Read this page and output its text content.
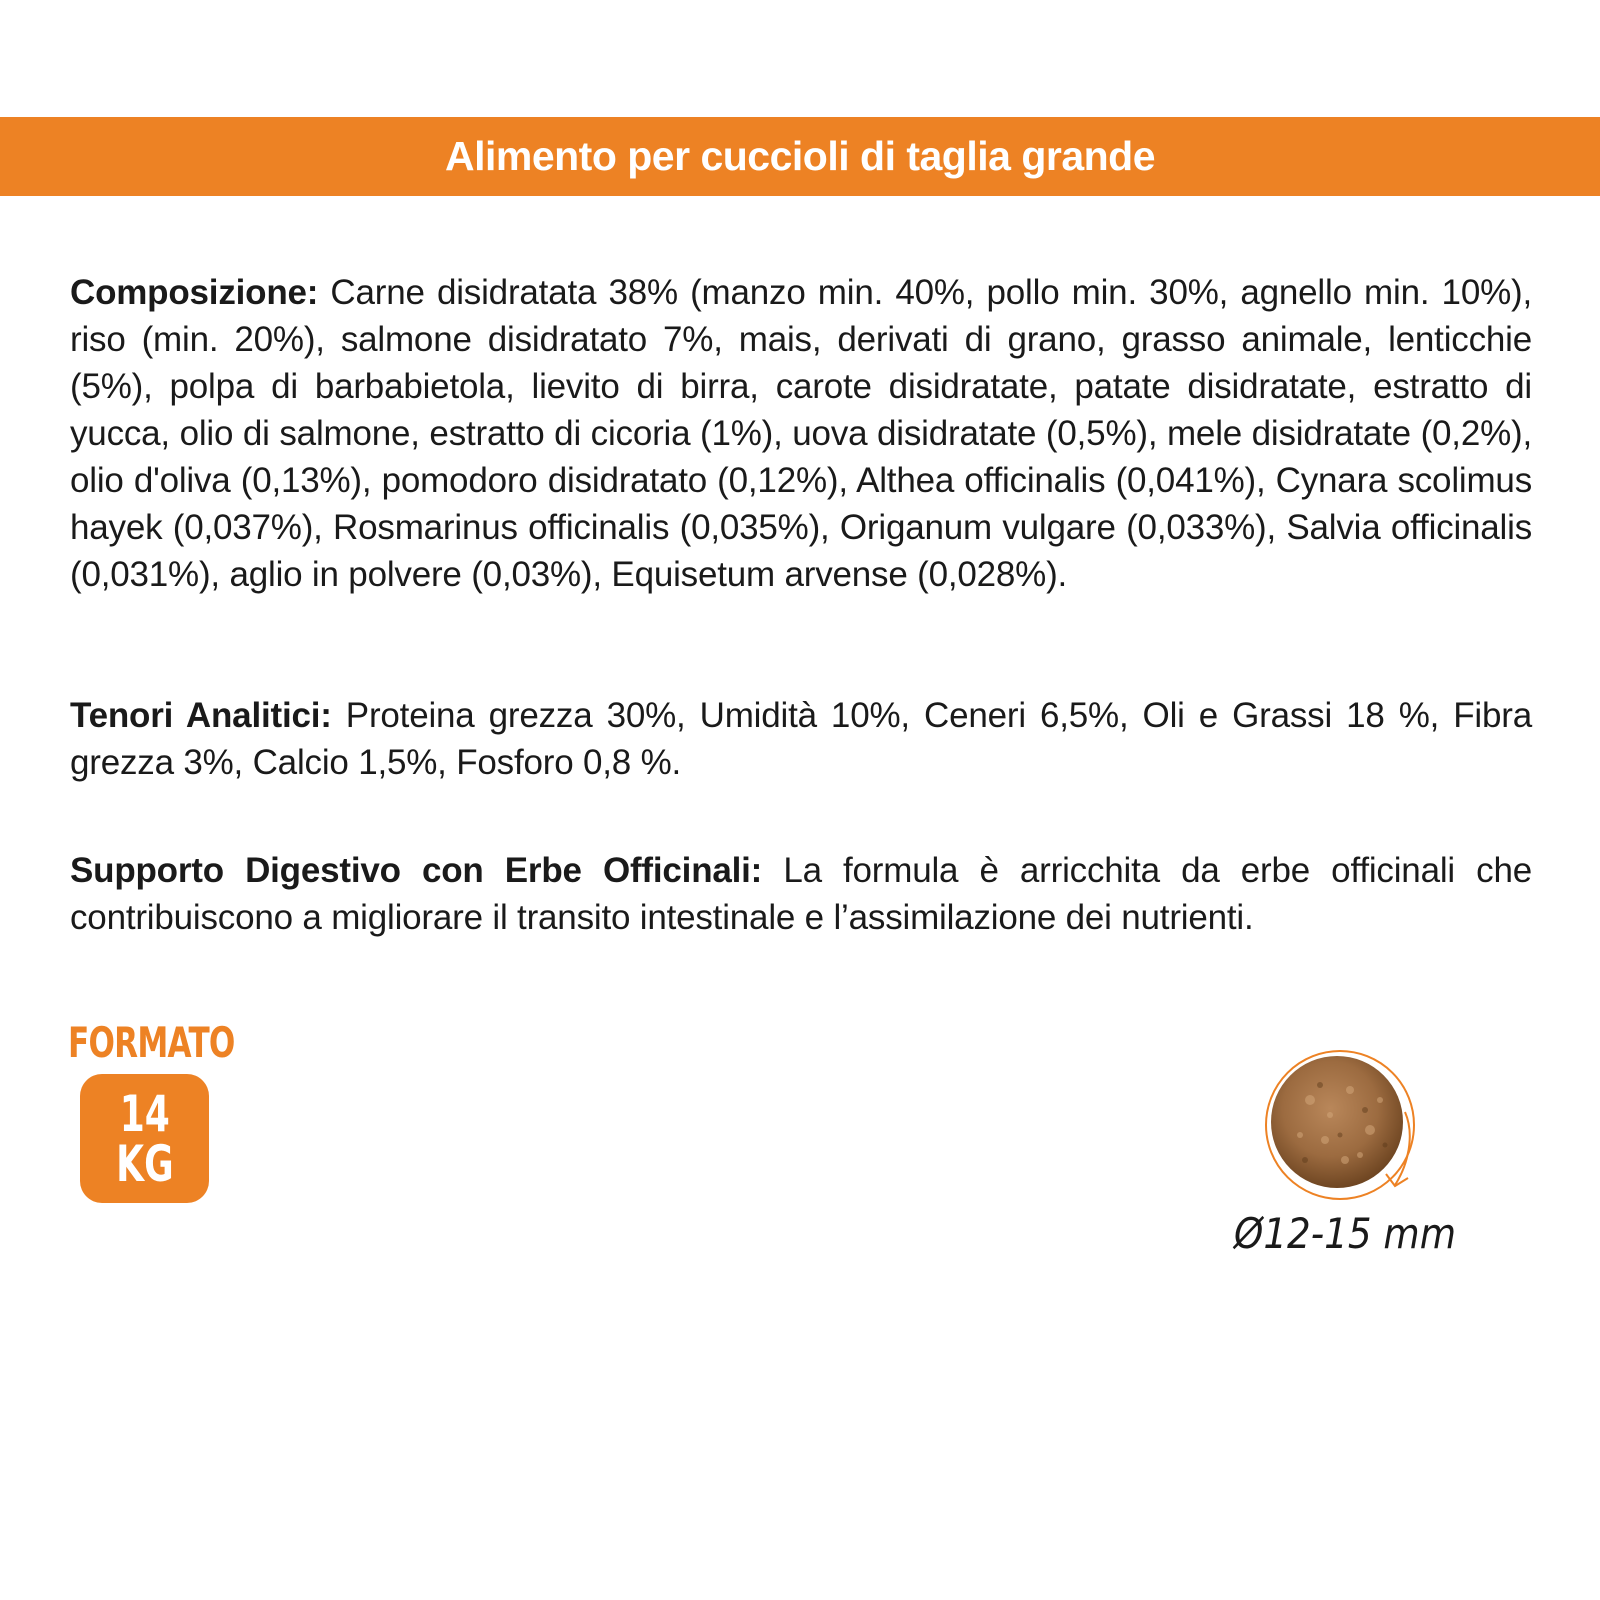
Alimento per cuccioli di taglia grande

Composizione: Carne disidratata 38% (manzo min. 40%, pollo min. 30%, agnello min. 10%), riso (min. 20%), salmone disidratato 7%, mais, derivati di grano, grasso animale, lenticchie (5%), polpa di barbabietola, lievito di birra, carote disidratate, patate disidratate, estratto di yucca, olio di salmone, estratto di cicoria (1%), uova disidratate (0,5%), mele disidratate (0,2%), olio d'oliva (0,13%), pomodoro disidratato (0,12%), Althea officinalis (0,041%), Cynara scolimus hayek (0,037%), Rosmarinus officinalis (0,035%), Origanum vulgare (0,033%), Salvia officinalis (0,031%), aglio in polvere (0,03%), Equisetum arvense (0,028%).

Tenori Analitici: Proteina grezza 30%, Umidità 10%, Ceneri 6,5%, Oli e Grassi 18 %, Fibra grezza 3%, Calcio 1,5%, Fosforo 0,8 %.

Supporto Digestivo con Erbe Officinali: La formula è arricchita da erbe officinali che contribuiscono a migliorare il transito intestinale e l’assimilazione dei nutrienti.

FORMATO
14
KG
Ø12-15 mm
